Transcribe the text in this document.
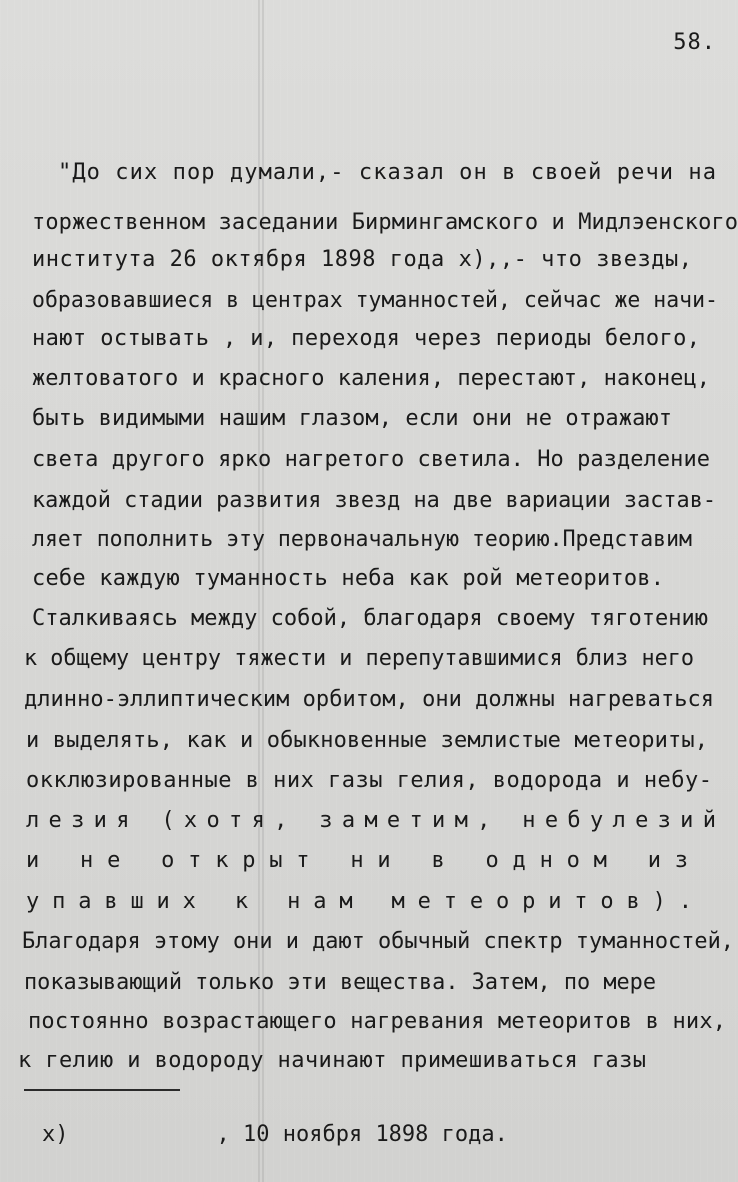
58.
"До сих пор думали,- сказал он в своей речи на
торжественном заседании Бирмингамского и Мидлэенского
института 26 октября 1898 года х),,- что звезды,
образовавшиеся в центрах туманностей, сейчас же начи-
нают остывать , и, переходя через периоды белого,
желтоватого и красного каления, перестают, наконец,
быть видимыми нашим глазом, если они не отражают
света другого ярко нагретого светила. Но разделение
каждой стадии развития звезд на две вариации застав-
ляет пополнить эту первоначальную теорию.Представим
себе каждую туманность неба как рой метеоритов.
Сталкиваясь между собой, благодаря своему тяготению
к общему центру тяжести и перепутавшимися близ него
длинно-эллиптическим орбитом, они должны нагреваться
и выделять, как и обыкновенные землистые метеориты,
окклюзированные в них газы гелия, водорода и небу-
лезия (хотя, заметим, небулезий
и не открыт ни в одном из
упавших к нам метеоритов).
Благодаря этому они и дают обычный спектр туманностей,
показывающий только эти вещества. Затем, по мере
постоянно возрастающего нагревания метеоритов в них,
к гелию и водороду начинают примешиваться газы
х)	, 10 ноября 1898 года.
